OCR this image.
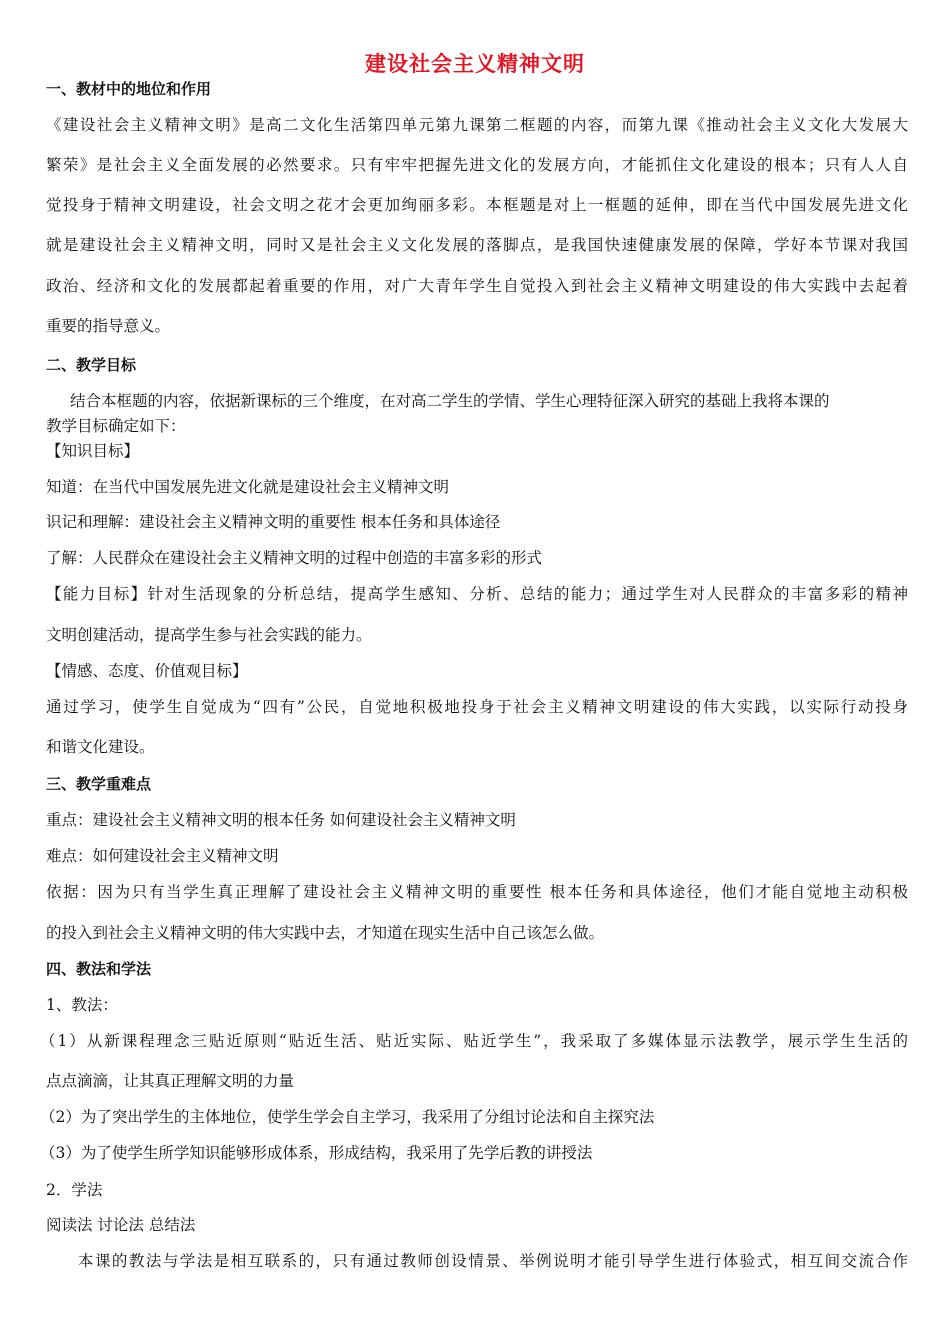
建设社会主义精神文明
一、教材中的地位和作用
《建设社会主义精神文明》是高二文化生活第四单元第九课第二框题的内容，而第九课《推动社会主义文化大发展大
繁荣》是社会主义全面发展的必然要求。只有牢牢把握先进文化的发展方向，才能抓住文化建设的根本；只有人人自
觉投身于精神文明建设，社会文明之花才会更加绚丽多彩。本框题是对上一框题的延伸，即在当代中国发展先进文化
就是建设社会主义精神文明，同时又是社会主义文化发展的落脚点，是我国快速健康发展的保障，学好本节课对我国
政治、经济和文化的发展都起着重要的作用，对广大青年学生自觉投入到社会主义精神文明建设的伟大实践中去起着
重要的指导意义。
二、教学目标
结合本框题的内容，依据新课标的三个维度，在对高二学生的学情、学生心理特征深入研究的基础上我将本课的
教学目标确定如下：
【知识目标】
知道：在当代中国发展先进文化就是建设社会主义精神文明
识记和理解：建设社会主义精神文明的重要性 根本任务和具体途径
了解：人民群众在建设社会主义精神文明的过程中创造的丰富多彩的形式
【能力目标】针对生活现象的分析总结，提高学生感知、分析、总结的能力；通过学生对人民群众的丰富多彩的精神
文明创建活动，提高学生参与社会实践的能力。
【情感、态度、价值观目标】
通过学习，使学生自觉成为“四有”公民，自觉地积极地投身于社会主义精神文明建设的伟大实践，以实际行动投身
和谐文化建设。
三、教学重难点
重点：建设社会主义精神文明的根本任务 如何建设社会主义精神文明
难点：如何建设社会主义精神文明
依据：因为只有当学生真正理解了建设社会主义精神文明的重要性 根本任务和具体途径，他们才能自觉地主动积极
的投入到社会主义精神文明的伟大实践中去，才知道在现实生活中自己该怎么做。
四、教法和学法
1、教法：
（1）从新课程理念三贴近原则“贴近生活、贴近实际、贴近学生”，我采取了多媒体显示法教学，展示学生生活的
点点滴滴，让其真正理解文明的力量
（2）为了突出学生的主体地位，使学生学会自主学习，我采用了分组讨论法和自主探究法
（3）为了使学生所学知识能够形成体系，形成结构，我采用了先学后教的讲授法
2．学法
阅读法 讨论法 总结法
本课的教法与学法是相互联系的，只有通过教师创设情景、举例说明才能引导学生进行体验式，相互间交流合作
